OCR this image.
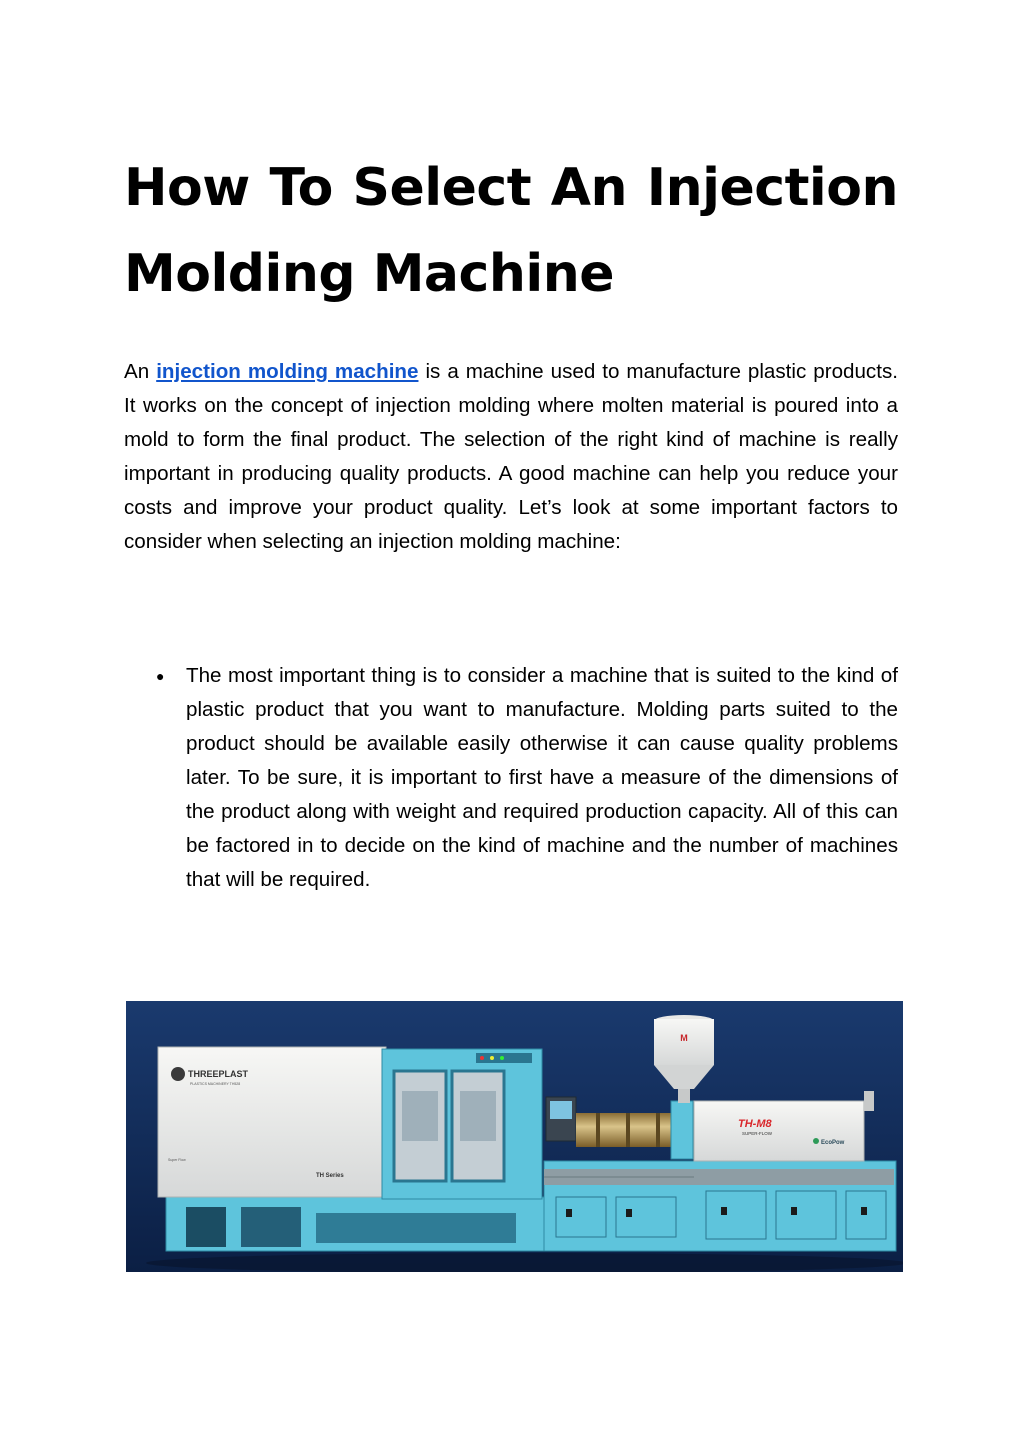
How To Select An Injection Molding Machine

An injection molding machine is a machine used to manufacture plastic products. It works on the concept of injection molding where molten material is poured into a mold to form the final product. The selection of the right kind of machine is really important in producing quality products. A good machine can help you reduce your costs and improve your product quality. Let’s look at some important factors to consider when selecting an injection molding machine:

● The most important thing is to consider a machine that is suited to the kind of plastic product that you want to manufacture. Molding parts suited to the product should be available easily otherwise it can cause quality problems later. To be sure, it is important to first have a measure of the dimensions of the product along with weight and required production capacity. All of this can be factored in to decide on the kind of machine and the number of machines that will be required.
THREEPLAST
PLASTICS MACHINERY TH528
Super Flow
TH Series
M
TH-M8
SUPER-FLOW
EcoPow
